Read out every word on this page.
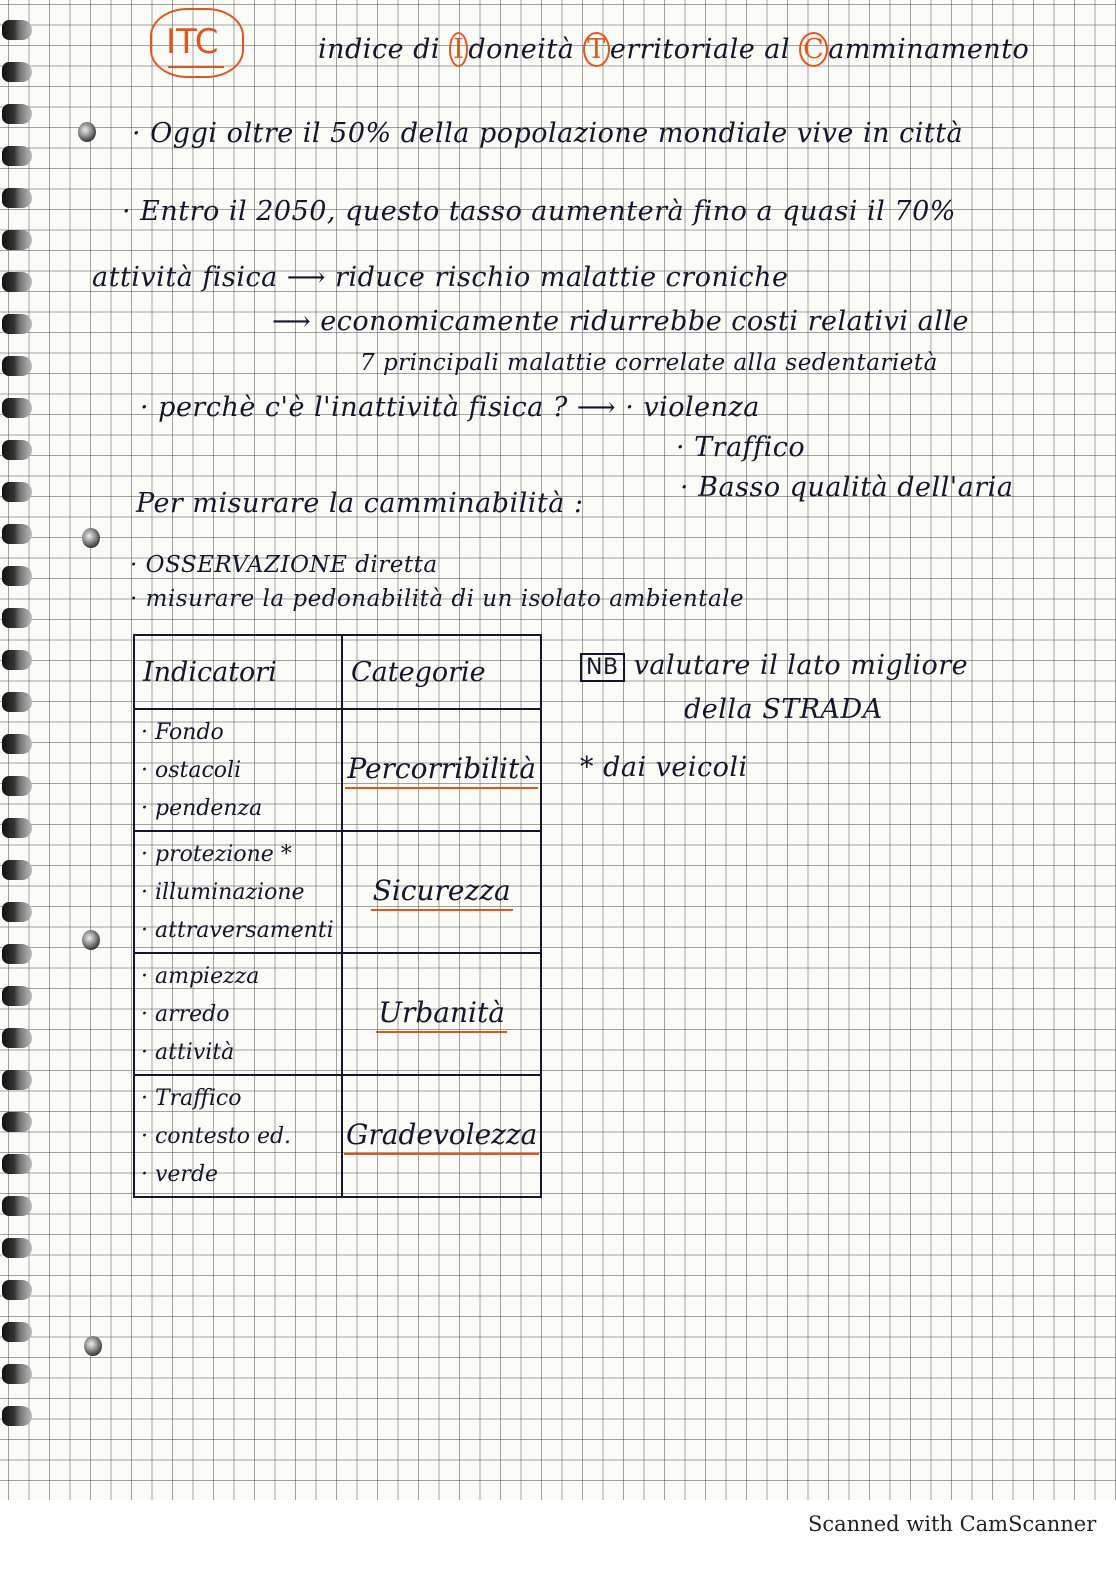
ITC	indice di I doneità T erritoriale al C amminamento
· Oggi oltre il 50% della popolazione mondiale vive in città
· Entro il 2050, questo tasso aumenterà fino a quasi il 70%
attività fisica ⟶ riduce rischio malattie croniche
⟶ economicamente ridurrebbe costi relativi alle
7 principali malattie correlate alla sedentarietà
· perchè c'è l'inattività fisica ? ⟶ · violenza
· Traffico
· Basso qualità dell'aria
Per misurare la camminabilità :
· OSSERVAZIONE diretta
· misurare la pedonabilità di un isolato ambientale
Indicatori	Categorie

· Fondo
· ostacoli
· pendenza	Percorribilità

· protezione *
· illuminazione
· attraversamenti	Sicurezza

· ampiezza
· arredo
· attività	Urbanità

· Traffico
· contesto ed.
· verde	Gradevolezza
NB valutare il lato migliore
della STRADA
* dai veicoli
Scanned with CamScanner
